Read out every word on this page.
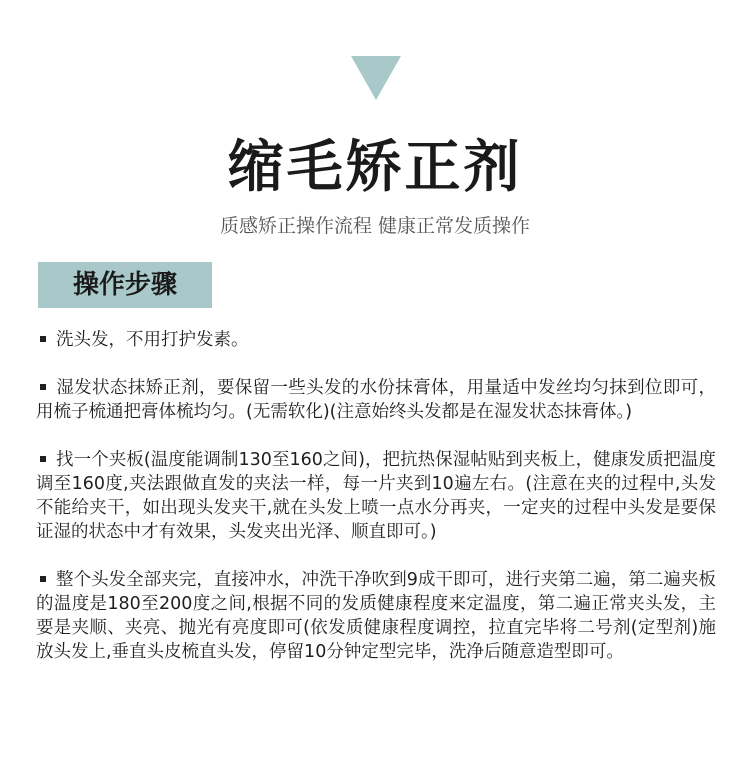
缩毛矫正剂
质感矫正操作流程 健康正常发质操作
操作步骤

洗头发，不用打护发素。

湿发状态抹矫正剂，要保留一些头发的水份抹膏体，用量适中发丝均匀抹到位即可，用梳子梳通把膏体梳均匀。(无需软化)(注意始终头发都是在湿发状态抹膏体。)

找一个夹板(温度能调制130至160之间)，把抗热保湿帖贴到夹板上，健康发质把温度调至160度,夹法跟做直发的夹法一样，每一片夹到10遍左右。(注意在夹的过程中,头发不能给夹干，如出现头发夹干,就在头发上喷一点水分再夹，一定夹的过程中头发是要保证湿的状态中才有效果，头发夹出光泽、顺直即可。)

整个头发全部夹完，直接冲水，冲洗干净吹到9成干即可，进行夹第二遍，第二遍夹板的温度是180至200度之间,根据不同的发质健康程度来定温度，第二遍正常夹头发，主要是夹顺、夹亮、抛光有亮度即可(依发质健康程度调控，拉直完毕将二号剂(定型剂)施放头发上,垂直头皮梳直头发，停留10分钟定型完毕，洗净后随意造型即可。
